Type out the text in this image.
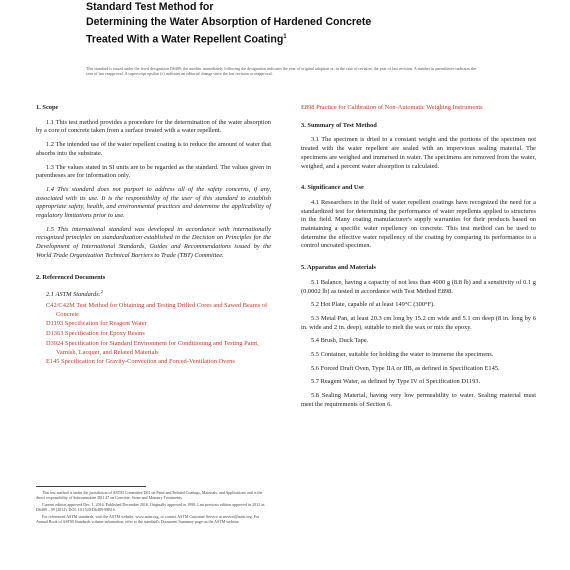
Standard Test Method for
Determining the Water Absorption of Hardened Concrete
Treated With a Water Repellent Coating$^1$
This standard is issued under the fixed designation D6489; the number immediately following the designation indicates the year of original adoption or, in the case of revision, the year of last revision. A number in parentheses indicates the year of last reapproval. A superscript epsilon (ε) indicates an editorial change since the last revision or reapproval.
1. Scope

1.1 This test method provides a procedure for the determination of the water absorption by a core of concrete taken from a surface treated with a water repellent.

1.2 The intended use of the water repellent coating is to reduce the amount of water that absorbs into the substrate.

1.3 The values stated in SI units are to be regarded as the standard. The values given in parentheses are for information only.

1.4 This standard does not purport to address all of the safety concerns, if any, associated with its use. It is the responsibility of the user of this standard to establish appropriate safety, health, and environmental practices and determine the applicability of regulatory limitations prior to use.

1.5 This international standard was developed in accordance with internationally recognized principles on standardization established in the Decision on Principles for the Development of International Standards, Guides and Recommendations issued by the World Trade Organization Technical Barriers to Trade (TBT) Committee.

2. Referenced Documents

2.1 ASTM Standards:$^2$

C42/C42M Test Method for Obtaining and Testing Drilled Cores and Sawed Beams of Concrete
D1193 Specification for Reagent Water
D1363 Specification for Epoxy Resins
D3924 Specification for Standard Environment for Conditioning and Testing Paint, Varnish, Lacquer, and Related Materials
E145 Specification for Gravity-Convection and Forced-Ventilation Ovens

This test method is under the jurisdiction of ASTM Committee D01 on Paint and Related Coatings, Materials, and Applications and is the direct responsibility of Subcommittee D01.47 on Concrete, Stone and Masonry Treatments.

Current edition approved Dec. 1, 2016. Published December 2016. Originally approved in 1999. Last previous edition approved in 2012 as D6489 – 99 (2012). DOI: 10.1520/D6489-99R16.

For referenced ASTM standards, visit the ASTM website, www.astm.org, or contact ASTM Customer Service at service@astm.org. For Annual Book of ASTM Standards volume information, refer to the standard's Document Summary page on the ASTM website.

E898 Practice for Calibration of Non-Automatic Weighing Instruments
3. Summary of Test Method

3.1 The specimen is dried to a constant weight and the portions of the specimen not treated with the water repellent are sealed with an impervious sealing material. The specimens are weighed and immersed in water. The specimens are removed from the water, weighed, and a percent water absorption is calculated.

4. Significance and Use

4.1 Researchers in the field of water repellent coatings have recognized the need for a standardized test for determining the performance of water repellents applied to structures in the field. Many coating manufacturer's supply warranties for their products based on maintaining a specific water repellency on concrete. This test method can be used to determine the effective water repellency of the coating by comparing its performance to a control uncoated specimen.

5. Apparatus and Materials

5.1 Balance, having a capacity of not less than 4000 g (8.8 lb) and a sensitivity of 0.1 g (0.0002 lb) as tested in accordance with Test Method E898.

5.2 Hot Plate, capable of at least 149°C (300°F).

5.3 Metal Pan, at least 20.3 cm long by 15.2 cm wide and 5.1 cm deep (8 in. long by 6 in. wide and 2 in. deep), suitable to melt the wax or mix the epoxy.

5.4 Brush, Duck Tape.

5.5 Container, suitable for holding the water to immerse the specimens.

5.6 Forced Draft Oven, Type IIA or IIB, as defined in Specification E145.

5.7 Reagent Water, as defined by Type IV of Specification D1193.

5.8 Sealing Material, having very low permeability to water. Sealing material must meet the requirements of Section 6.
